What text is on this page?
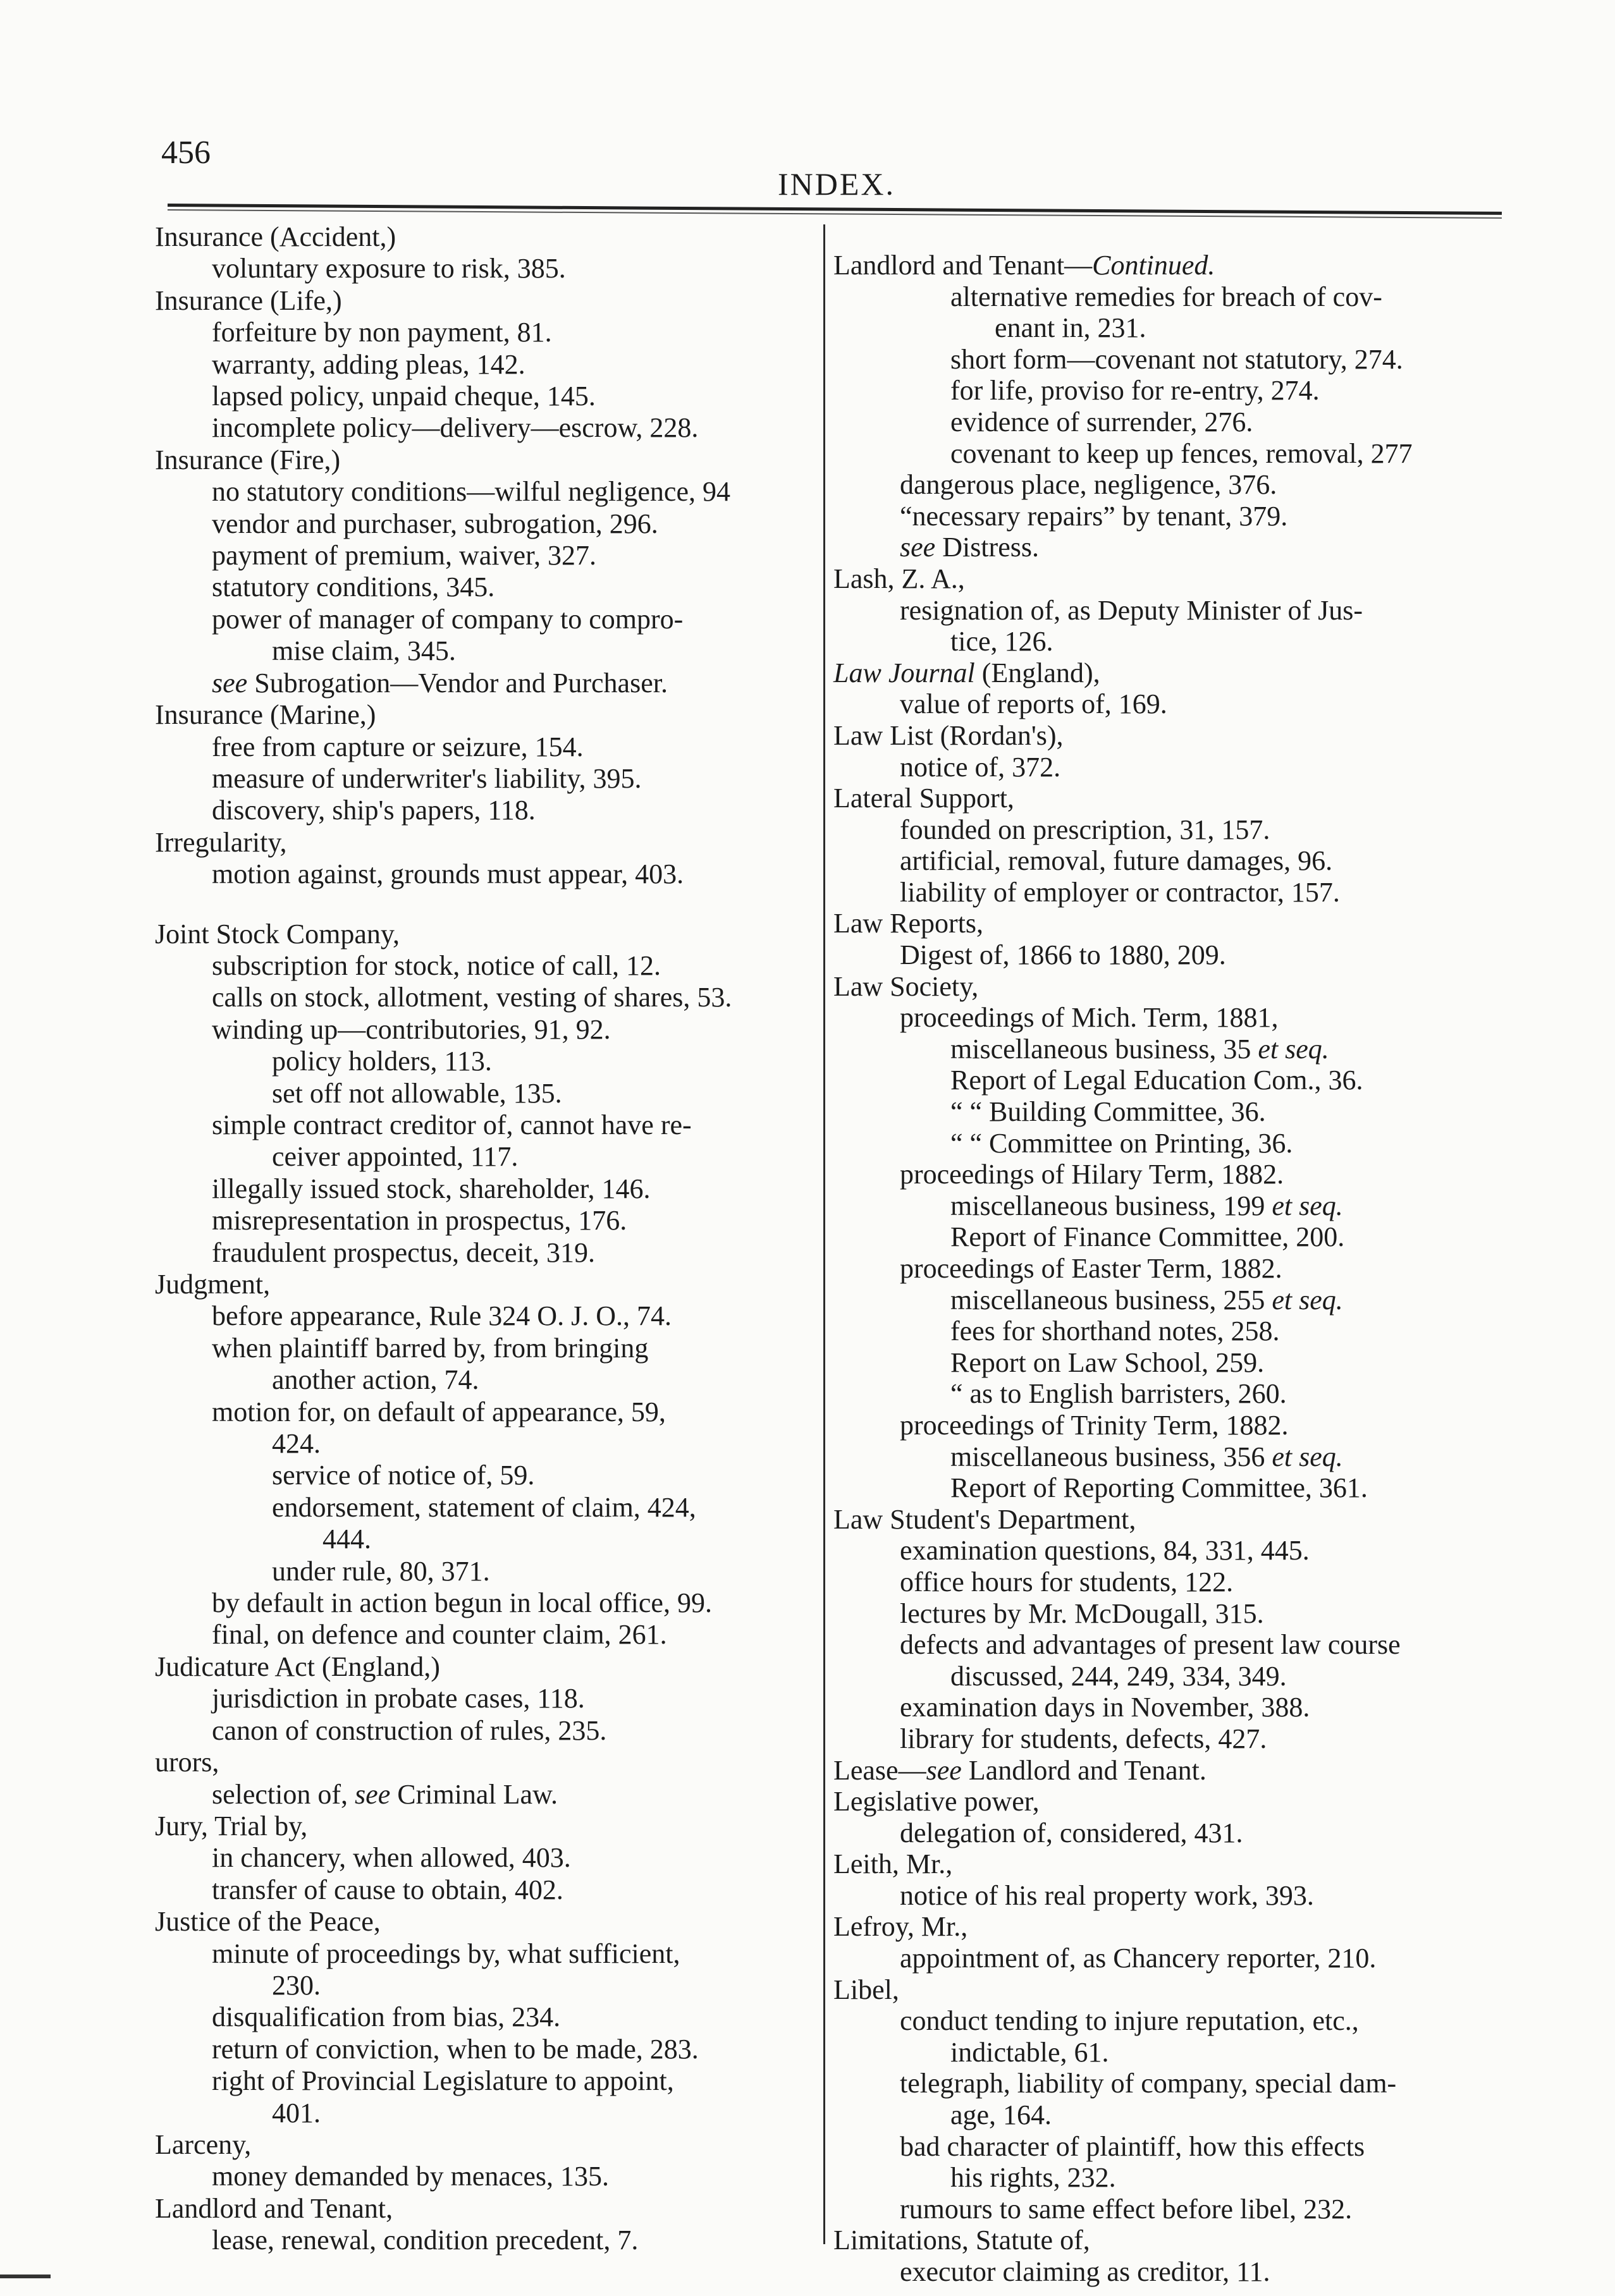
456
INDEX.
Insurance (Accident,)
voluntary exposure to risk, 385.
Insurance (Life,)
forfeiture by non payment, 81.
warranty, adding pleas, 142.
lapsed policy, unpaid cheque, 145.
incomplete policy—delivery—escrow, 228.
Insurance (Fire,)
no statutory conditions—wilful negligence, 94
vendor and purchaser, subrogation, 296.
payment of premium, waiver, 327.
statutory conditions, 345.
power of manager of company to compro-
mise claim, 345.
see Subrogation—Vendor and Purchaser.
Insurance (Marine,)
free from capture or seizure, 154.
measure of underwriter's liability, 395.
discovery, ship's papers, 118.
Irregularity,
motion against, grounds must appear, 403.
Joint Stock Company,
subscription for stock, notice of call, 12.
calls on stock, allotment, vesting of shares, 53.
winding up—contributories, 91, 92.
policy holders, 113.
set off not allowable, 135.
simple contract creditor of, cannot have re-
ceiver appointed, 117.
illegally issued stock, shareholder, 146.
misrepresentation in prospectus, 176.
fraudulent prospectus, deceit, 319.
Judgment,
before appearance, Rule 324 O. J. O., 74.
when plaintiff barred by, from bringing
another action, 74.
motion for, on default of appearance, 59,
424.
service of notice of, 59.
endorsement, statement of claim, 424,
444.
under rule, 80, 371.
by default in action begun in local office, 99.
final, on defence and counter claim, 261.
Judicature Act (England,)
jurisdiction in probate cases, 118.
canon of construction of rules, 235.
urors,
selection of, see Criminal Law.
Jury, Trial by,
in chancery, when allowed, 403.
transfer of cause to obtain, 402.
Justice of the Peace,
minute of proceedings by, what sufficient,
230.
disqualification from bias, 234.
return of conviction, when to be made, 283.
right of Provincial Legislature to appoint,
401.
Larceny,
money demanded by menaces, 135.
Landlord and Tenant,
lease, renewal, condition precedent, 7.
Landlord and Tenant—Continued.
alternative remedies for breach of cov-
enant in, 231.
short form—covenant not statutory, 274.
for life, proviso for re-entry, 274.
evidence of surrender, 276.
covenant to keep up fences, removal, 277
dangerous place, negligence, 376.
“necessary repairs” by tenant, 379.
see Distress.
Lash, Z. A.,
resignation of, as Deputy Minister of Jus-
tice, 126.
Law Journal (England),
value of reports of, 169.
Law List (Rordan's),
notice of, 372.
Lateral Support,
founded on prescription, 31, 157.
artificial, removal, future damages, 96.
liability of employer or contractor, 157.
Law Reports,
Digest of, 1866 to 1880, 209.
Law Society,
proceedings of Mich. Term, 1881,
miscellaneous business, 35 et seq.
Report of Legal Education Com., 36.
“ “ Building Committee, 36.
“ “ Committee on Printing, 36.
proceedings of Hilary Term, 1882.
miscellaneous business, 199 et seq.
Report of Finance Committee, 200.
proceedings of Easter Term, 1882.
miscellaneous business, 255 et seq.
fees for shorthand notes, 258.
Report on Law School, 259.
“ as to English barristers, 260.
proceedings of Trinity Term, 1882.
miscellaneous business, 356 et seq.
Report of Reporting Committee, 361.
Law Student's Department,
examination questions, 84, 331, 445.
office hours for students, 122.
lectures by Mr. McDougall, 315.
defects and advantages of present law course
discussed, 244, 249, 334, 349.
examination days in November, 388.
library for students, defects, 427.
Lease—see Landlord and Tenant.
Legislative power,
delegation of, considered, 431.
Leith, Mr.,
notice of his real property work, 393.
Lefroy, Mr.,
appointment of, as Chancery reporter, 210.
Libel,
conduct tending to injure reputation, etc.,
indictable, 61.
telegraph, liability of company, special dam-
age, 164.
bad character of plaintiff, how this effects
his rights, 232.
rumours to same effect before libel, 232.
Limitations, Statute of,
executor claiming as creditor, 11.
